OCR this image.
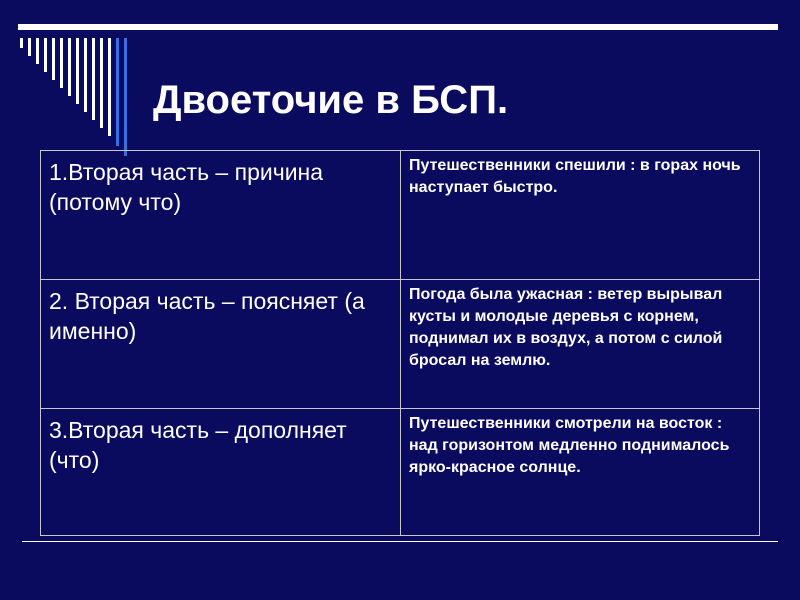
Двоеточие в БСП.
1.Вторая часть – причина (потому что)
Путешественники спешили : в горах ночь наступает быстро.
2. Вторая часть – поясняет (а именно)
Погода была ужасная : ветер вырывал кусты и молодые деревья с корнем, поднимал их в воздух, а потом с силой бросал на землю.
3.Вторая часть – дополняет (что)
Путешественники смотрели на восток : над горизонтом медленно поднималось ярко-красное солнце.
